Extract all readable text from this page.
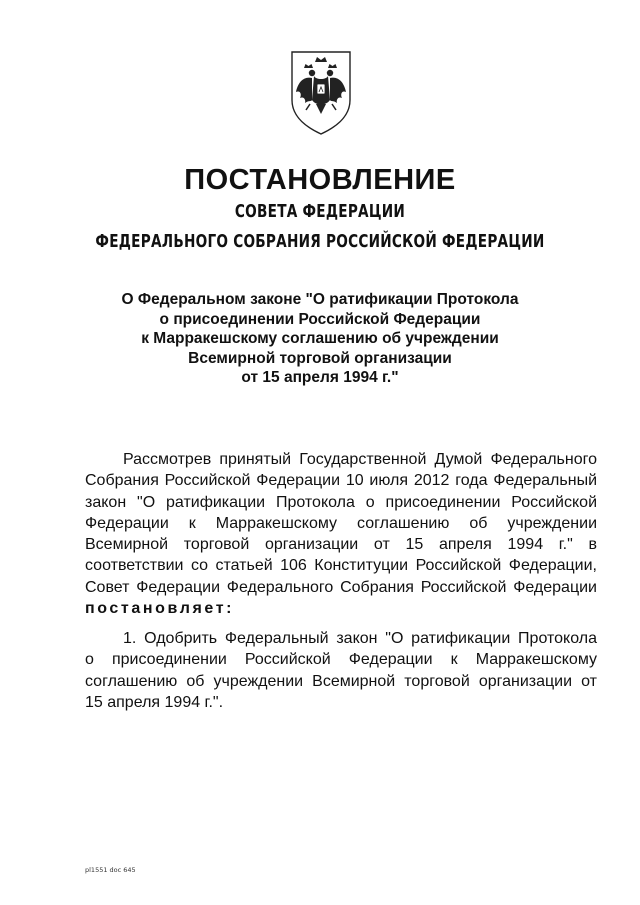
ПОСТАНОВЛЕНИЕ
СОВЕТА ФЕДЕРАЦИИ
ФЕДЕРАЛЬНОГО СОБРАНИЯ РОССИЙСКОЙ ФЕДЕРАЦИИ
О Федеральном законе "О ратификации Протокола
о присоединении Российской Федерации
к Марракешскому соглашению об учреждении
Всемирной торговой организации
от 15 апреля 1994 г."
Рассмотрев принятый Государственной Думой Федерального
Собрания Российской Федерации 10 июля 2012 года Федеральный
закон "О ратификации Протокола о присоединении Российской
Федерации к Марракешскому соглашению об учреждении
Всемирной торговой организации от 15 апреля 1994 г." в
соответствии со статьей 106 Конституции Российской Федерации,
Совет Федерации Федерального Собрания Российской Федерации
постановляет:
1. Одобрить Федеральный закон "О ратификации Протокола
о присоединении Российской Федерации к Марракешскому
соглашению об учреждении Всемирной торговой организации от
15 апреля 1994 г.".
pl1551 doc 645
